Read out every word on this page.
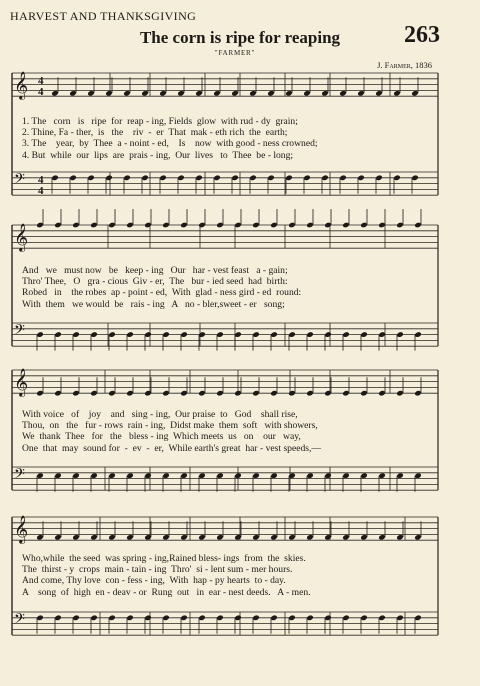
HARVEST AND THANKSGIVING
The corn is ripe for reaping	263
"FARMER"
J. Farmer, 1836
𝄞 4
4
𝄢 4
4
𝄞
𝄢
𝄞
𝄢
𝄞
𝄢
1. The   corn   is   ripe  for  reap - ing, Fields  glow  with rud - dy  grain;
2. Thine, Fa - ther,  is   the    riv  -  er  That  mak - eth rich  the  earth;
3. The    year,  by  Thee  a - noint - ed,    Is    now  with good - ness crowned;
4. But  while  our  lips  are  prais - ing,  Our  lives   to  Thee  be - long;
And   we   must now   be   keep - ing   Our   har - vest feast   a - gain;
Thro' Thee,   O   gra - cious  Giv - er,  The   bur - ied seed  had  birth:
Robed   in    the robes  ap - point - ed,  With  glad - ness gird - ed  round:
With  them   we would  be   rais - ing   A   no - bler,sweet - er   song;
With voice   of    joy    and   sing - ing,  Our praise  to   God    shall rise,
Thou,  on   the   fur - rows  rain - ing,  Didst make  them  soft   with showers,
We  thank  Thee   for   the   bless - ing  Which meets  us   on    our   way,
One  that  may  sound for  -  ev  -  er,  While earth's great  har - vest speeds,—
Who,while  the seed  was spring - ing,Rained bless- ings  from  the  skies.
The  thirst - y  crops  main - tain - ing  Thro'  si - lent sum - mer hours.
And come, Thy love  con - fess - ing,  With  hap - py hearts  to - day.
A    song  of  high  en - deav - or  Rung  out   in  ear - nest deeds.   A - men.
